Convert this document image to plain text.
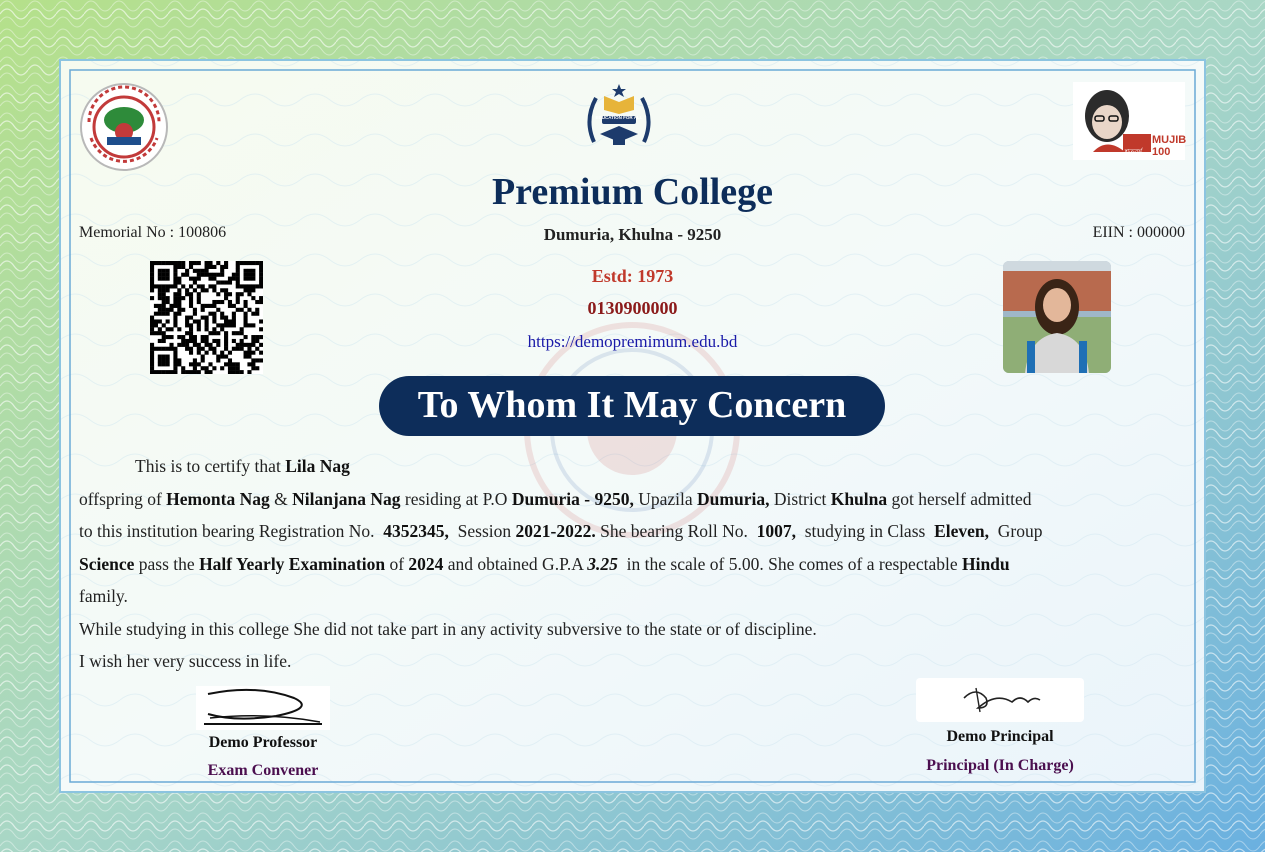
EDUCATION FOR ALL
MUJIB 100
শতবর্ষ
Premium College
Dumuria, Khulna - 9250
Memorial No : 100806	EIIN : 000000
Estd: 1973
0130900000
https://demopremimum.edu.bd
To Whom It May Concern

This is to certify that Lila Nag

offspring of Hemonta Nag & Nilanjana Nag residing at P.O Dumuria - 9250, Upazila Dumuria, District Khulna got herself admitted

to this institution bearing Registration No. 4352345, Session 2021-2022. She bearing Roll No. 1007, studying in Class Eleven, Group

Science pass the Half Yearly Examination of 2024 and obtained G.P.A 3.25 in the scale of 5.00. She comes of a respectable Hindu

family.

While studying in this college She did not take part in any activity subversive to the state or of discipline.

I wish her very success in life.

Demo Professor
Exam Convener
Demo Principal
Principal (In Charge)
